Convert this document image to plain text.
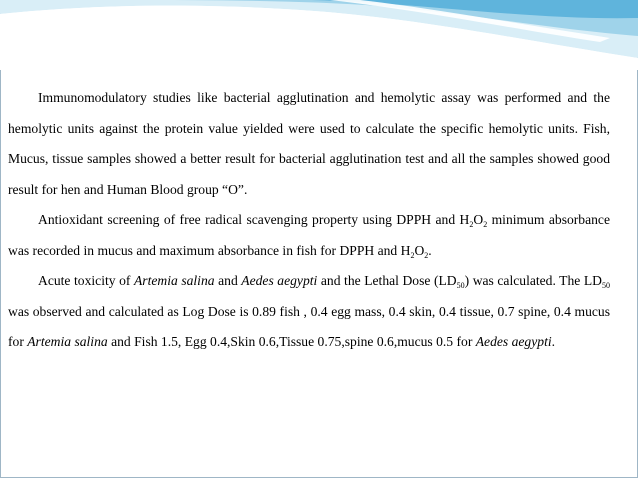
Immunomodulatory studies like bacterial agglutination and hemolytic assay was performed and the hemolytic units against the protein value yielded were used to calculate the specific hemolytic units. Fish, Mucus, tissue samples showed a better result for bacterial agglutination test and all the samples showed good result for hen and Human Blood group “O”.

Antioxidant screening of free radical scavenging property using DPPH and $H_2O_2$ minimum absorbance was recorded in mucus and maximum absorbance in fish for DPPH and $H_2O_2$.

Acute toxicity of Artemia salina and Aedes aegypti and the Lethal Dose $(LD_{50})$ was calculated. The $LD_{50}$ was observed and calculated as Log Dose is 0.89 fish , 0.4 egg mass, 0.4 skin, 0.4 tissue, 0.7 spine, 0.4 mucus for Artemia salina and Fish 1.5, Egg 0.4,Skin 0.6,Tissue 0.75,spine 0.6,mucus 0.5 for Aedes aegypti.
